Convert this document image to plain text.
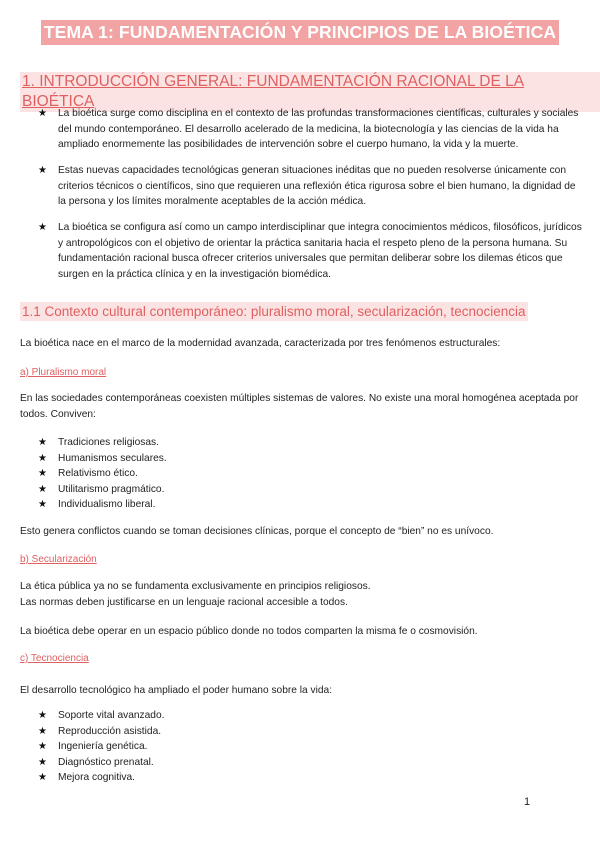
TEMA 1: FUNDAMENTACIÓN Y PRINCIPIOS DE LA BIOÉTICA
1. INTRODUCCIÓN GENERAL: FUNDAMENTACIÓN RACIONAL DE LA BIOÉTICA
★ La bioética surge como disciplina en el contexto de las profundas transformaciones científicas, culturales y sociales del mundo contemporáneo. El desarrollo acelerado de la medicina, la biotecnología y las ciencias de la vida ha ampliado enormemente las posibilidades de intervención sobre el cuerpo humano, la vida y la muerte.
★ Estas nuevas capacidades tecnológicas generan situaciones inéditas que no pueden resolverse únicamente con criterios técnicos o científicos, sino que requieren una reflexión ética rigurosa sobre el bien humano, la dignidad de la persona y los límites moralmente aceptables de la acción médica.
★ La bioética se configura así como un campo interdisciplinar que integra conocimientos médicos, filosóficos, jurídicos y antropológicos con el objetivo de orientar la práctica sanitaria hacia el respeto pleno de la persona humana. Su fundamentación racional busca ofrecer criterios universales que permitan deliberar sobre los dilemas éticos que surgen en la práctica clínica y en la investigación biomédica.
1.1 Contexto cultural contemporáneo: pluralismo moral, secularización, tecnociencia
La bioética nace en el marco de la modernidad avanzada, caracterizada por tres fenómenos estructurales:
a) Pluralismo moral
En las sociedades contemporáneas coexisten múltiples sistemas de valores. No existe una moral homogénea aceptada por todos. Conviven:
★ Tradiciones religiosas.
★ Humanismos seculares.
★ Relativismo ético.
★ Utilitarismo pragmático.
★ Individualismo liberal.
Esto genera conflictos cuando se toman decisiones clínicas, porque el concepto de “bien” no es unívoco.
b) Secularización
La ética pública ya no se fundamenta exclusivamente en principios religiosos.
Las normas deben justificarse en un lenguaje racional accesible a todos.
La bioética debe operar en un espacio público donde no todos comparten la misma fe o cosmovisión.
c) Tecnociencia
El desarrollo tecnológico ha ampliado el poder humano sobre la vida:
★ Soporte vital avanzado.
★ Reproducción asistida.
★ Ingeniería genética.
★ Diagnóstico prenatal.
★ Mejora cognitiva.
1
